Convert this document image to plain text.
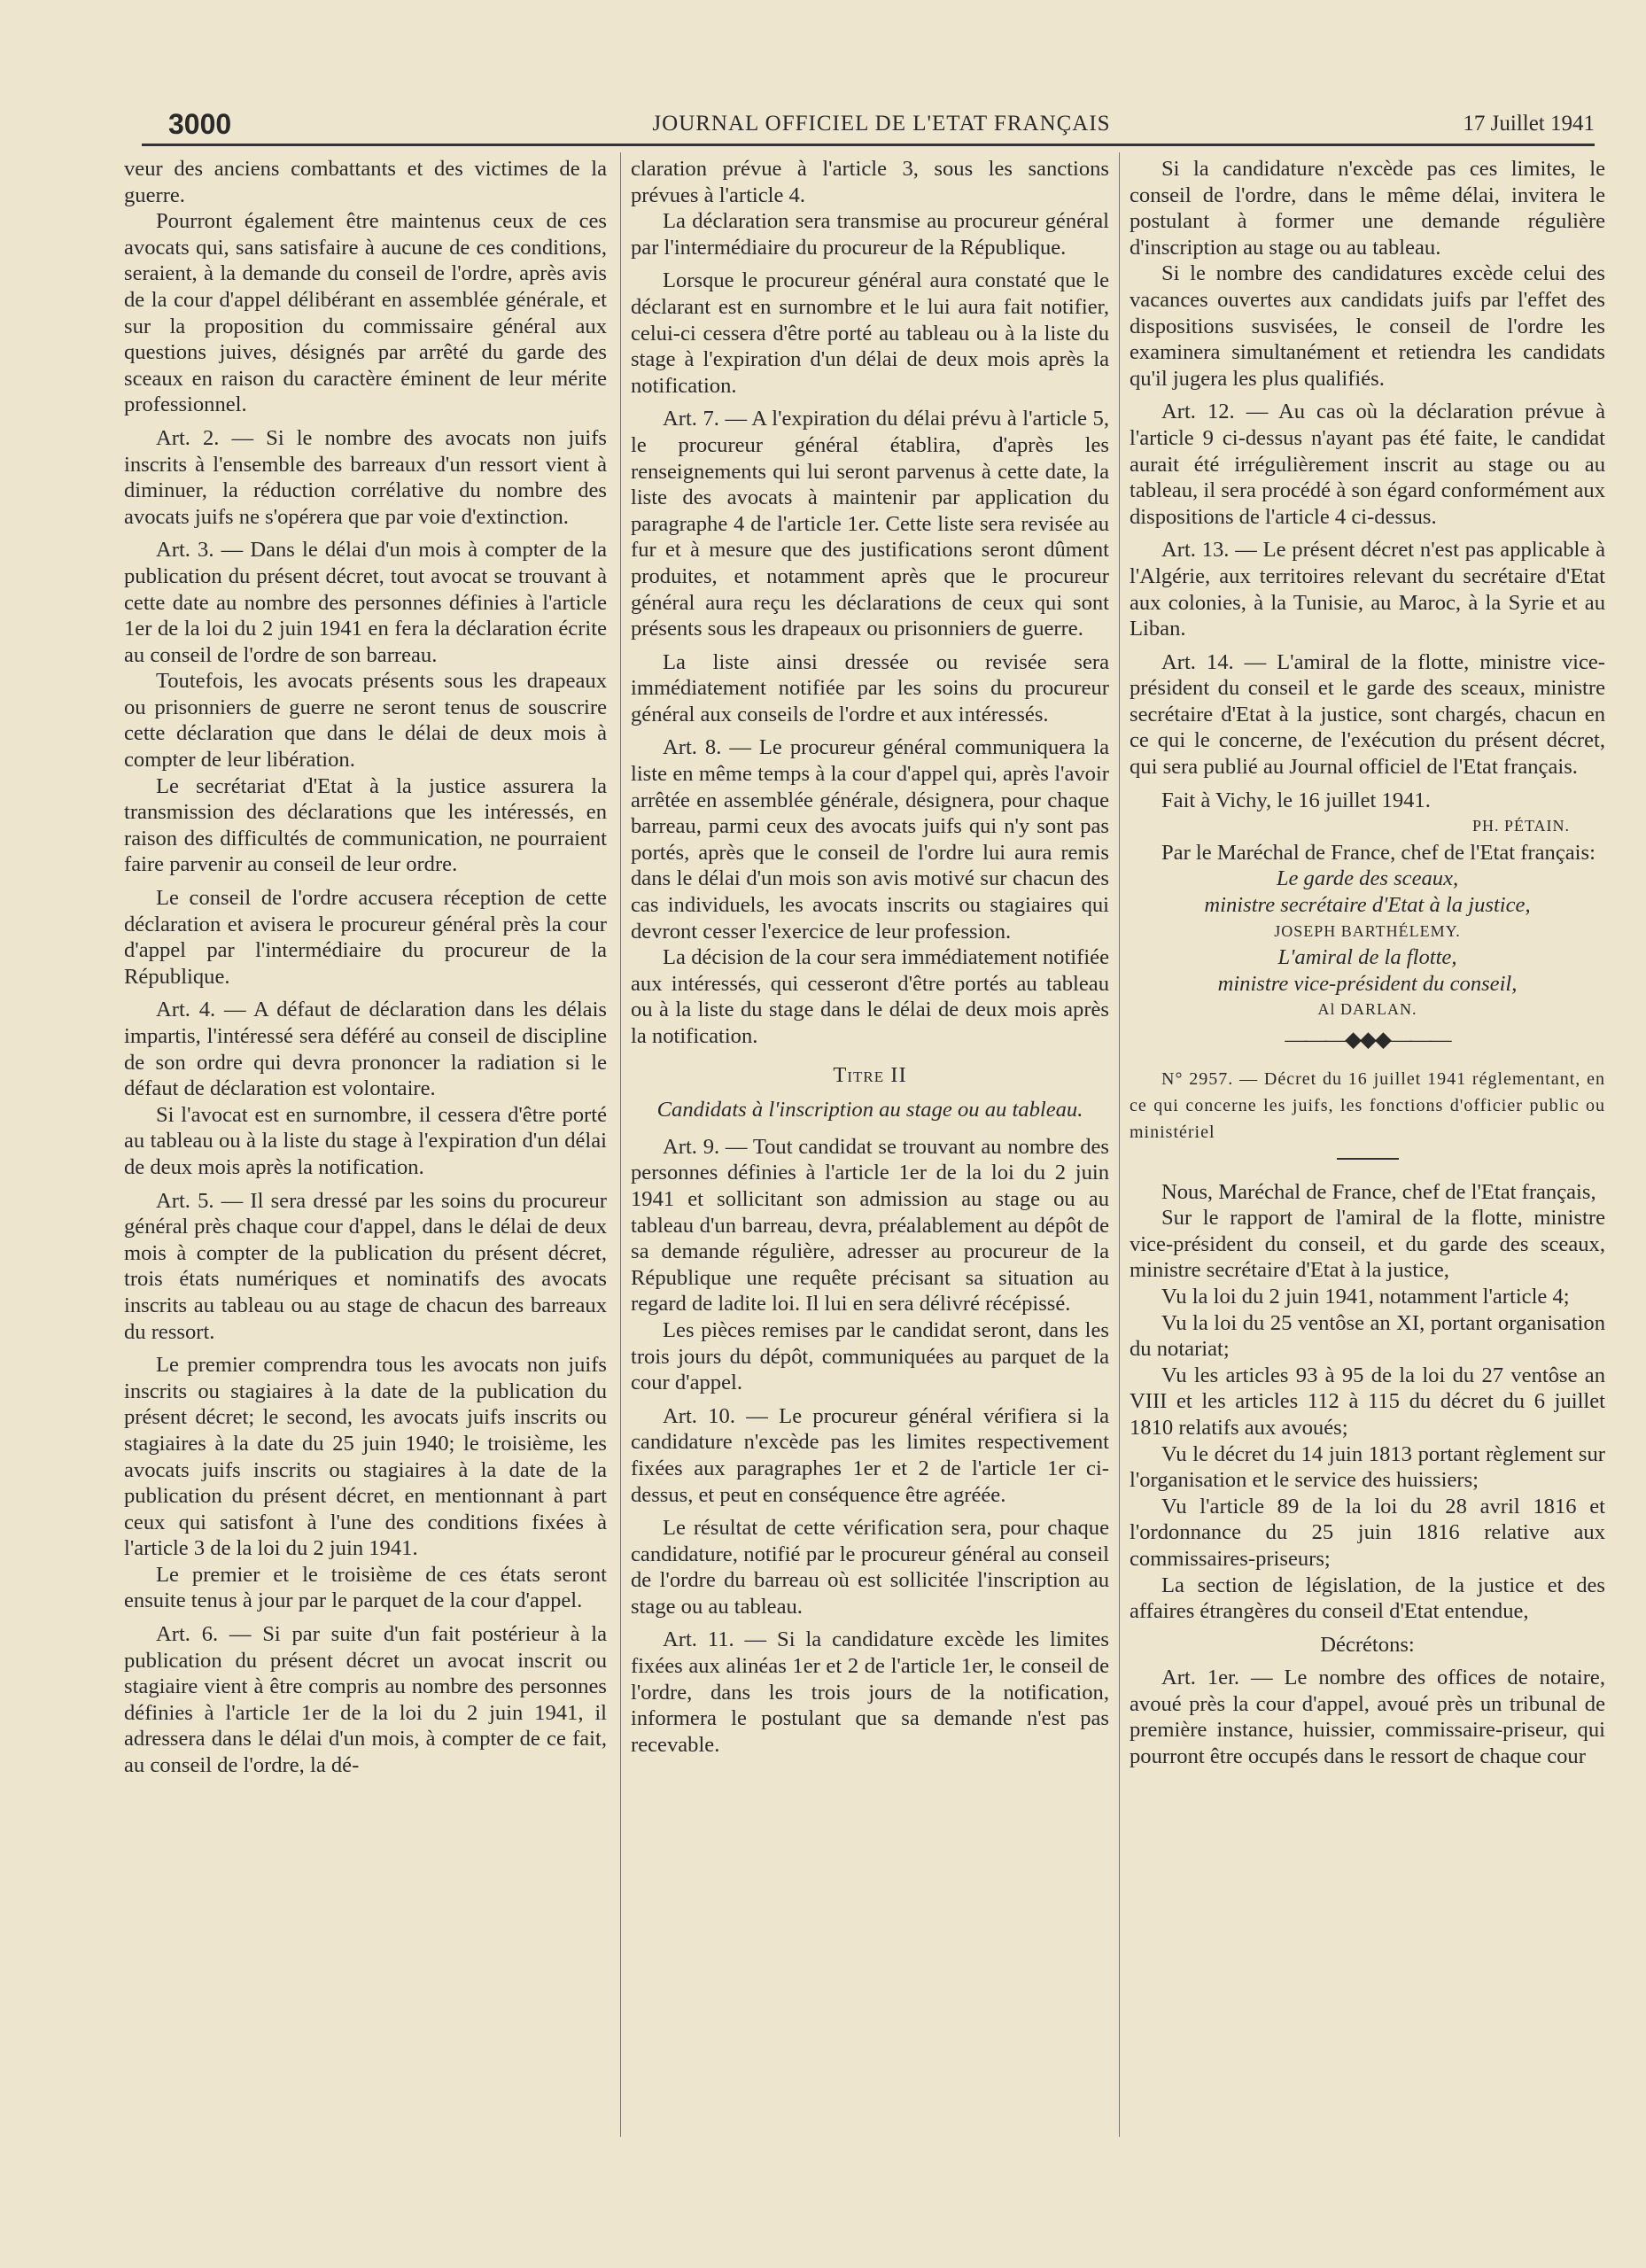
3000	JOURNAL OFFICIEL DE L'ETAT FRANÇAIS	17 Juillet 1941

veur des anciens combattants et des victimes de la guerre.

Pourront également être maintenus ceux de ces avocats qui, sans satisfaire à aucune de ces conditions, seraient, à la demande du conseil de l'ordre, après avis de la cour d'appel délibérant en assemblée générale, et sur la proposition du commissaire général aux questions juives, désignés par arrêté du garde des sceaux en raison du caractère éminent de leur mérite professionnel.

Art. 2. — Si le nombre des avocats non juifs inscrits à l'ensemble des barreaux d'un ressort vient à diminuer, la réduction corrélative du nombre des avocats juifs ne s'opérera que par voie d'extinction.

Art. 3. — Dans le délai d'un mois à compter de la publication du présent décret, tout avocat se trouvant à cette date au nombre des personnes définies à l'article 1er de la loi du 2 juin 1941 en fera la déclaration écrite au conseil de l'ordre de son barreau.

Toutefois, les avocats présents sous les drapeaux ou prisonniers de guerre ne seront tenus de souscrire cette déclaration que dans le délai de deux mois à compter de leur libération.

Le secrétariat d'Etat à la justice assurera la transmission des déclarations que les intéressés, en raison des difficultés de communication, ne pourraient faire parvenir au conseil de leur ordre.

Le conseil de l'ordre accusera réception de cette déclaration et avisera le procureur général près la cour d'appel par l'intermédiaire du procureur de la République.

Art. 4. — A défaut de déclaration dans les délais impartis, l'intéressé sera déféré au conseil de discipline de son ordre qui devra prononcer la radiation si le défaut de déclaration est volontaire.

Si l'avocat est en surnombre, il cessera d'être porté au tableau ou à la liste du stage à l'expiration d'un délai de deux mois après la notification.

Art. 5. — Il sera dressé par les soins du procureur général près chaque cour d'appel, dans le délai de deux mois à compter de la publication du présent décret, trois états numériques et nominatifs des avocats inscrits au tableau ou au stage de chacun des barreaux du ressort.

Le premier comprendra tous les avocats non juifs inscrits ou stagiaires à la date de la publication du présent décret; le second, les avocats juifs inscrits ou stagiaires à la date du 25 juin 1940; le troisième, les avocats juifs inscrits ou stagiaires à la date de la publication du présent décret, en mentionnant à part ceux qui satisfont à l'une des conditions fixées à l'article 3 de la loi du 2 juin 1941.

Le premier et le troisième de ces états seront ensuite tenus à jour par le parquet de la cour d'appel.

Art. 6. — Si par suite d'un fait postérieur à la publication du présent décret un avocat inscrit ou stagiaire vient à être compris au nombre des personnes définies à l'article 1er de la loi du 2 juin 1941, il adressera dans le délai d'un mois, à compter de ce fait, au conseil de l'ordre, la dé-

claration prévue à l'article 3, sous les sanctions prévues à l'article 4.

La déclaration sera transmise au procureur général par l'intermédiaire du procureur de la République.

Lorsque le procureur général aura constaté que le déclarant est en surnombre et le lui aura fait notifier, celui-ci cessera d'être porté au tableau ou à la liste du stage à l'expiration d'un délai de deux mois après la notification.

Art. 7. — A l'expiration du délai prévu à l'article 5, le procureur général établira, d'après les renseignements qui lui seront parvenus à cette date, la liste des avocats à maintenir par application du paragraphe 4 de l'article 1er. Cette liste sera revisée au fur et à mesure que des justifications seront dûment produites, et notamment après que le procureur général aura reçu les déclarations de ceux qui sont présents sous les drapeaux ou prisonniers de guerre.

La liste ainsi dressée ou revisée sera immédiatement notifiée par les soins du procureur général aux conseils de l'ordre et aux intéressés.

Art. 8. — Le procureur général communiquera la liste en même temps à la cour d'appel qui, après l'avoir arrêtée en assemblée générale, désignera, pour chaque barreau, parmi ceux des avocats juifs qui n'y sont pas portés, après que le conseil de l'ordre lui aura remis dans le délai d'un mois son avis motivé sur chacun des cas individuels, les avocats inscrits ou stagiaires qui devront cesser l'exercice de leur profession.

La décision de la cour sera immédiatement notifiée aux intéressés, qui cesseront d'être portés au tableau ou à la liste du stage dans le délai de deux mois après la notification.

Titre II

Candidats à l'inscription au stage ou au tableau.

Art. 9. — Tout candidat se trouvant au nombre des personnes définies à l'article 1er de la loi du 2 juin 1941 et sollicitant son admission au stage ou au tableau d'un barreau, devra, préalablement au dépôt de sa demande régulière, adresser au procureur de la République une requête précisant sa situation au regard de ladite loi. Il lui en sera délivré récépissé.

Les pièces remises par le candidat seront, dans les trois jours du dépôt, communiquées au parquet de la cour d'appel.

Art. 10. — Le procureur général vérifiera si la candidature n'excède pas les limites respectivement fixées aux paragraphes 1er et 2 de l'article 1er ci-dessus, et peut en conséquence être agréée.

Le résultat de cette vérification sera, pour chaque candidature, notifié par le procureur général au conseil de l'ordre du barreau où est sollicitée l'inscription au stage ou au tableau.

Art. 11. — Si la candidature excède les limites fixées aux alinéas 1er et 2 de l'article 1er, le conseil de l'ordre, dans les trois jours de la notification, informera le postulant que sa demande n'est pas recevable.

Si la candidature n'excède pas ces limites, le conseil de l'ordre, dans le même délai, invitera le postulant à former une demande régulière d'inscription au stage ou au tableau.

Si le nombre des candidatures excède celui des vacances ouvertes aux candidats juifs par l'effet des dispositions susvisées, le conseil de l'ordre les examinera simultanément et retiendra les candidats qu'il jugera les plus qualifiés.

Art. 12. — Au cas où la déclaration prévue à l'article 9 ci-dessus n'ayant pas été faite, le candidat aurait été irrégulièrement inscrit au stage ou au tableau, il sera procédé à son égard conformément aux dispositions de l'article 4 ci-dessus.

Art. 13. — Le présent décret n'est pas applicable à l'Algérie, aux territoires relevant du secrétaire d'Etat aux colonies, à la Tunisie, au Maroc, à la Syrie et au Liban.

Art. 14. — L'amiral de la flotte, ministre vice-président du conseil et le garde des sceaux, ministre secrétaire d'Etat à la justice, sont chargés, chacun en ce qui le concerne, de l'exécution du présent décret, qui sera publié au Journal officiel de l'Etat français.

Fait à Vichy, le 16 juillet 1941.

PH. PÉTAIN.

Par le Maréchal de France, chef de l'Etat français:

Le garde des sceaux,

ministre secrétaire d'Etat à la justice,

JOSEPH BARTHÉLEMY.

L'amiral de la flotte,

ministre vice-président du conseil,

Al DARLAN.

———◆◆◆———

N° 2957. — Décret du 16 juillet 1941 réglementant, en ce qui concerne les juifs, les fonctions d'officier public ou ministériel

Nous, Maréchal de France, chef de l'Etat français,

Sur le rapport de l'amiral de la flotte, ministre vice-président du conseil, et du garde des sceaux, ministre secrétaire d'Etat à la justice,

Vu la loi du 2 juin 1941, notamment l'article 4;

Vu la loi du 25 ventôse an XI, portant organisation du notariat;

Vu les articles 93 à 95 de la loi du 27 ventôse an VIII et les articles 112 à 115 du décret du 6 juillet 1810 relatifs aux avoués;

Vu le décret du 14 juin 1813 portant règlement sur l'organisation et le service des huissiers;

Vu l'article 89 de la loi du 28 avril 1816 et l'ordonnance du 25 juin 1816 relative aux commissaires-priseurs;

La section de législation, de la justice et des affaires étrangères du conseil d'Etat entendue,

Décrétons:

Art. 1er. — Le nombre des offices de notaire, avoué près la cour d'appel, avoué près un tribunal de première instance, huissier, commissaire-priseur, qui pourront être occupés dans le ressort de chaque cour
